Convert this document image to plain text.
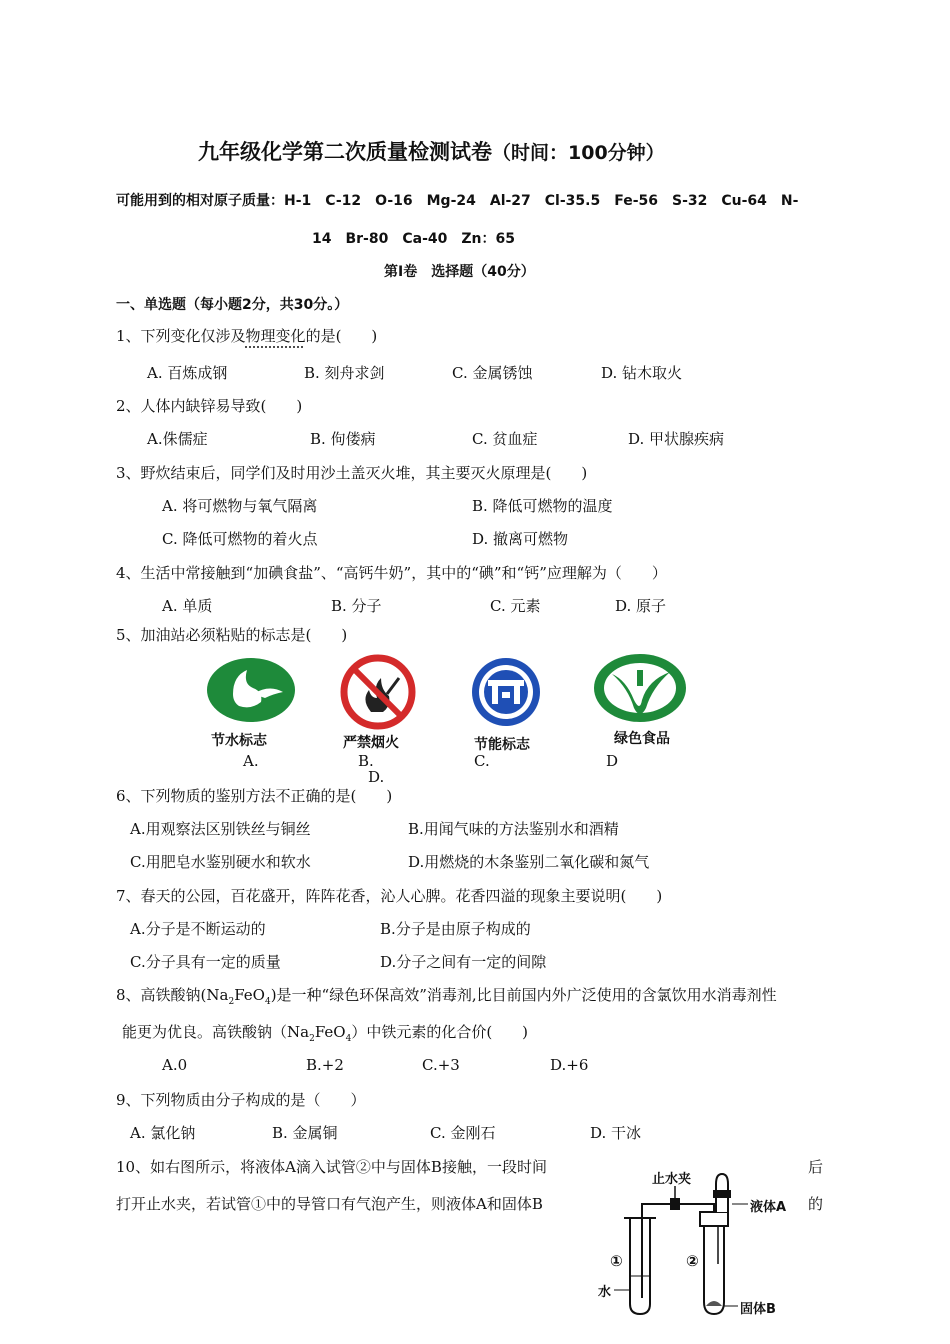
九年级化学第二次质量检测试卷（时间：100分钟）
可能用到的相对原子质量：H-1　C-12　O-16　Mg-24　Al-27　Cl-35.5　Fe-56　S-32　Cu-64　N-
14　Br-80　Ca-40　Zn：65
第Ⅰ卷　选择题（40分）
一、单选题（每小题2分，共30分。）
1、下列变化仅涉及物理变化的是(　　)
A. 百炼成钢	B. 刻舟求剑	C. 金属锈蚀	D. 钻木取火
2、人体内缺锌易导致(　　)
A.侏儒症	B. 佝偻病	C. 贫血症	D. 甲状腺疾病
3、野炊结束后，同学们及时用沙土盖灭火堆，其主要灭火原理是(　　)
A. 将可燃物与氧气隔离	B. 降低可燃物的温度
C. 降低可燃物的着火点	D. 撤离可燃物
4、生活中常接触到“加碘食盐”、“高钙牛奶”，其中的“碘”和“钙”应理解为（　　）
A. 单质	B. 分子	C. 元素	D. 原子
5、加油站必须粘贴的标志是(　　)
节水标志
A.
严禁烟火
B.
D.
节能标志
C.
绿色食品
D
6、下列物质的鉴别方法不正确的是(　　)
A.用观察法区别铁丝与铜丝	B.用闻气味的方法鉴别水和酒精
C.用肥皂水鉴别硬水和软水	D.用燃烧的木条鉴别二氧化碳和氮气
7、春天的公园，百花盛开，阵阵花香，沁人心脾。花香四溢的现象主要说明(　　)
A.分子是不断运动的	B.分子是由原子构成的
C.分子具有一定的质量	D.分子之间有一定的间隙
8、高铁酸钠$(Na_2FeO_4)$是一种“绿色环保高效”消毒剂,比目前国内外广泛使用的含氯饮用水消毒剂性
能更为优良。高铁酸钠$(Na_2FeO_4)$中铁元素的化合价(　　)
A.0	B.+2	C.+3	D.+6
9、下列物质由分子构成的是（　　）
A. 氯化钠	B. 金属铜	C. 金刚石	D. 干冰
10、如右图所示，将液体A滴入试管②中与固体B接触，一段时间	后
打开止水夹，若试管①中的导管口有气泡产生，则液体A和固体B	的
止水夹
液体A
①	②
水
固体B
